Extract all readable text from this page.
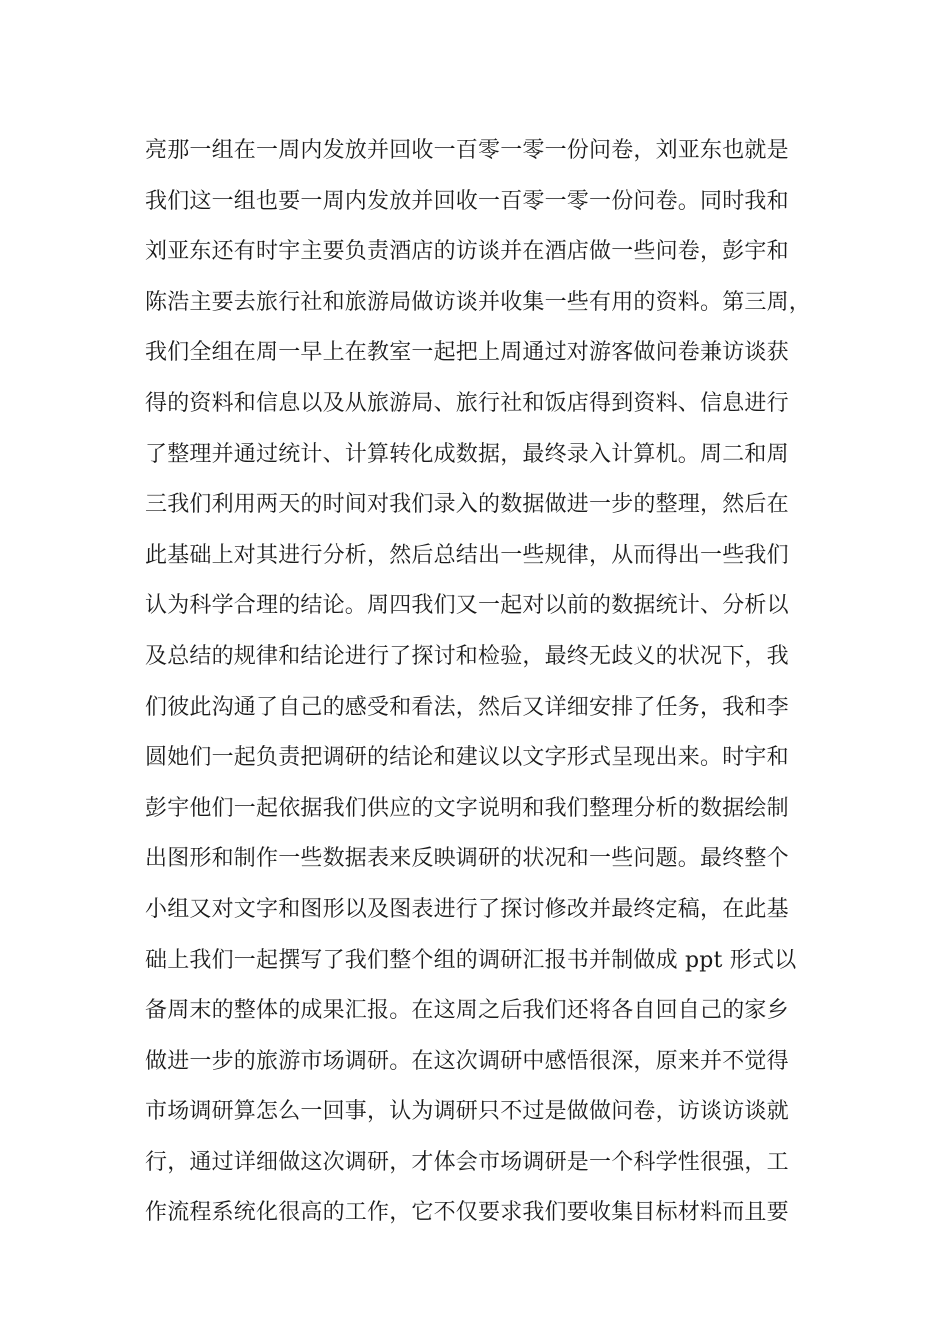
亮那一组在一周内发放并回收一百零一零一份问卷，刘亚东也就是
我们这一组也要一周内发放并回收一百零一零一份问卷。同时我和
刘亚东还有时宇主要负责酒店的访谈并在酒店做一些问卷，彭宇和
陈浩主要去旅行社和旅游局做访谈并收集一些有用的资料。第三周，
我们全组在周一早上在教室一起把上周通过对游客做问卷兼访谈获
得的资料和信息以及从旅游局、旅行社和饭店得到资料、信息进行
了整理并通过统计、计算转化成数据，最终录入计算机。周二和周
三我们利用两天的时间对我们录入的数据做进一步的整理，然后在
此基础上对其进行分析，然后总结出一些规律，从而得出一些我们
认为科学合理的结论。周四我们又一起对以前的数据统计、分析以
及总结的规律和结论进行了探讨和检验，最终无歧义的状况下，我
们彼此沟通了自己的感受和看法，然后又详细安排了任务，我和李
圆她们一起负责把调研的结论和建议以文字形式呈现出来。时宇和
彭宇他们一起依据我们供应的文字说明和我们整理分析的数据绘制
出图形和制作一些数据表来反映调研的状况和一些问题。最终整个
小组又对文字和图形以及图表进行了探讨修改并最终定稿，在此基
础上我们一起撰写了我们整个组的调研汇报书并制做成 ppt 形式以
备周末的整体的成果汇报。在这周之后我们还将各自回自己的家乡
做进一步的旅游市场调研。在这次调研中感悟很深，原来并不觉得
市场调研算怎么一回事，认为调研只不过是做做问卷，访谈访谈就
行，通过详细做这次调研，才体会市场调研是一个科学性很强，工
作流程系统化很高的工作，它不仅要求我们要收集目标材料而且要
